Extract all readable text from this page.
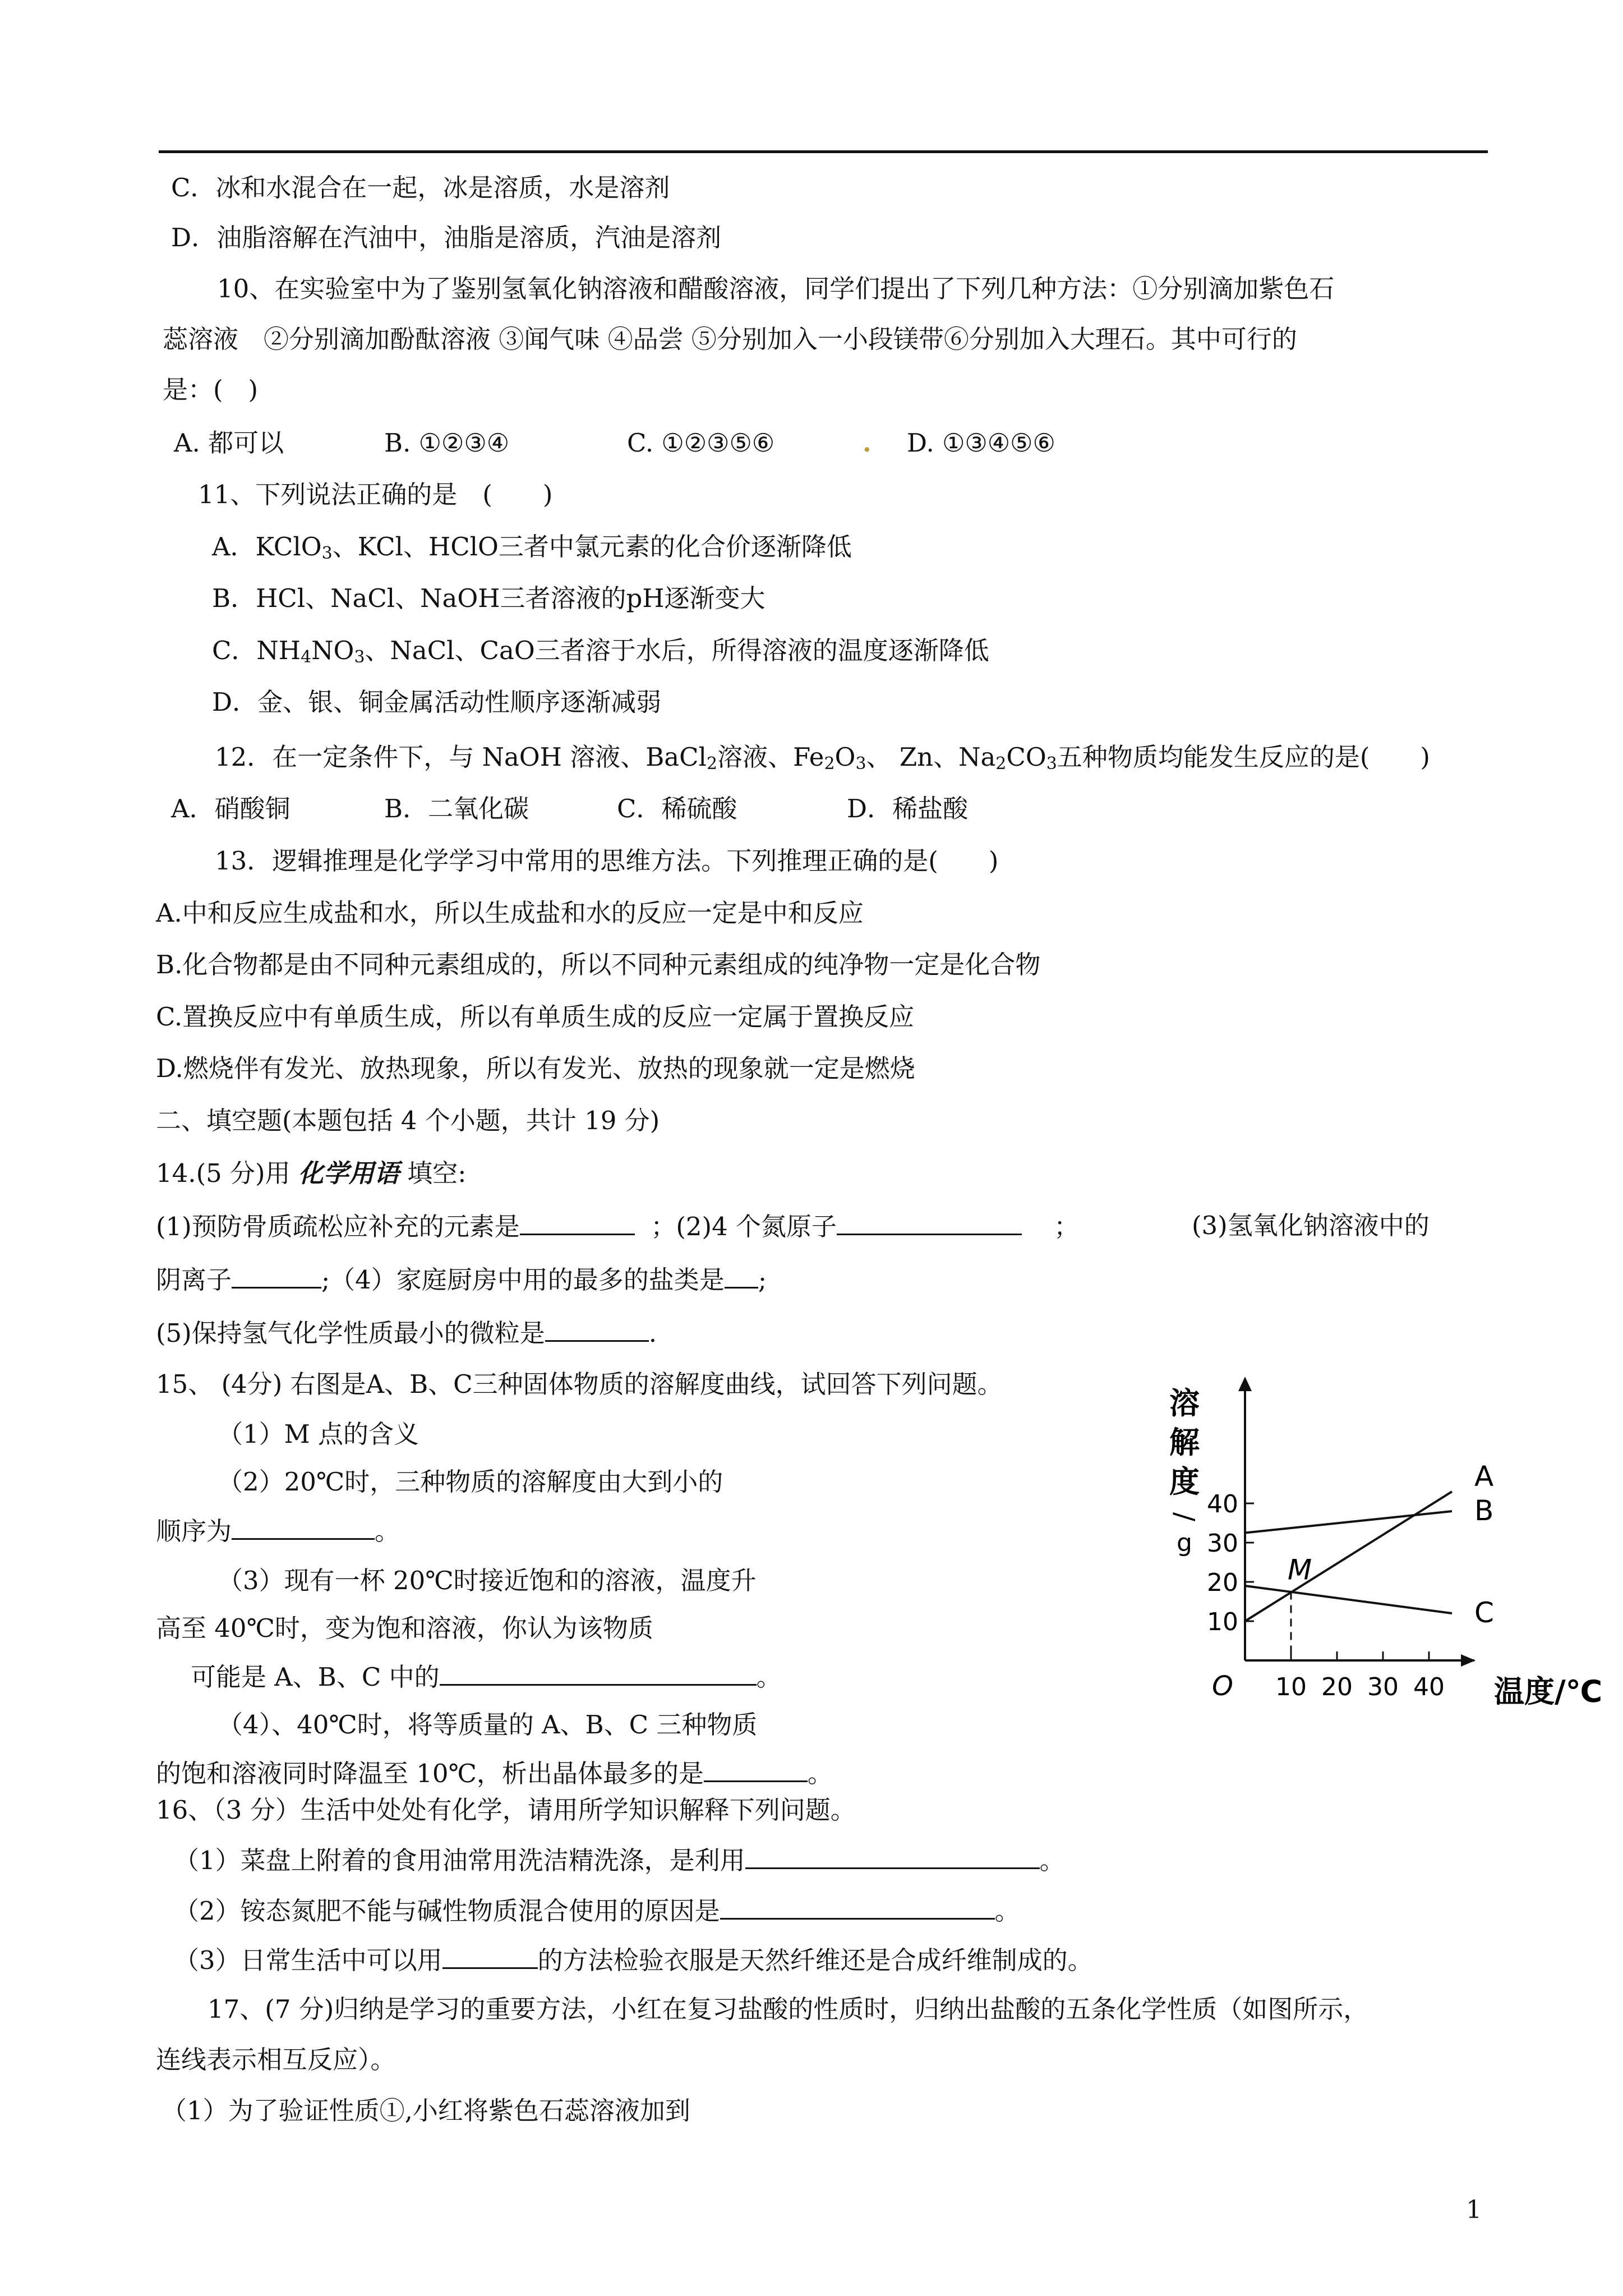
C．冰和水混合在一起，冰是溶质，水是溶剂
D．油脂溶解在汽油中，油脂是溶质，汽油是溶剂
10、在实验室中为了鉴别氢氧化钠溶液和醋酸溶液，同学们提出了下列几种方法：①分别滴加紫色石
蕊溶液　②分别滴加酚酞溶液 ③闻气味 ④品尝 ⑤分别加入一小段镁带⑥分别加入大理石。其中可行的
是：(　)
A. 都可以	B. ①②③④	C. ①②③⑤⑥	. D. ①③④⑤⑥
11、下列说法正确的是　(　　)
A．KClO$_3$、KCl、HClO三者中氯元素的化合价逐渐降低
B．HCl、NaCl、NaOH三者溶液的pH逐渐变大
C．$NH_4NO_3$、NaCl、CaO三者溶于水后，所得溶液的温度逐渐降低
D．金、银、铜金属活动性顺序逐渐减弱
12．在一定条件下，与 NaOH 溶液、BaCl$_2$溶液、$Fe_2O_3$、 Zn、$Na_2CO_3$五种物质均能发生反应的是(　　)
A．硝酸铜	B．二氧化碳	C．稀硫酸	D．稀盐酸
13．逻辑推理是化学学习中常用的思维方法。下列推理正确的是(　　)
A.中和反应生成盐和水，所以生成盐和水的反应一定是中和反应
B.化合物都是由不同种元素组成的，所以不同种元素组成的纯净物一定是化合物
C.置换反应中有单质生成，所以有单质生成的反应一定属于置换反应
D.燃烧伴有发光、放热现象，所以有发光、放热的现象就一定是燃烧
二、填空题(本题包括 4 个小题，共计 19 分)
14.(5 分)用 化学用语 填空:
(1)预防骨质疏松应补充的元素是	；(2)4 个氮原子	；	(3)氢氧化钠溶液中的
阴离子	;（4）家庭厨房中用的最多的盐类是 ;
(5)保持氢气化学性质最小的微粒是	.
15、 (4分) 右图是A、B、C三种固体物质的溶解度曲线，试回答下列问题。
（1）M 点的含义
（2）20℃时，三种物质的溶解度由大到小的
顺序为	。
（3）现有一杯 20℃时接近饱和的溶液，温度升
高至 40℃时，变为饱和溶液，你认为该物质
可能是 A、B、C 中的	。
（4）、40℃时，将等质量的 A、B、C 三种物质
的饱和溶液同时降温至 10℃，析出晶体最多的是	。
10
20
30
40
10 20 30 40
O
溶
解
度
/
g
温度/℃
A
B
C
M
16、（3 分）生活中处处有化学，请用所学知识解释下列问题。
（1）菜盘上附着的食用油常用洗洁精洗涤，是利用	。
（2）铵态氮肥不能与碱性物质混合使用的原因是	。
（3）日常生活中可以用	的方法检验衣服是天然纤维还是合成纤维制成的。
17、(7 分)归纳是学习的重要方法，小红在复习盐酸的性质时，归纳出盐酸的五条化学性质（如图所示，
连线表示相互反应）。
（1）为了验证性质①,小红将紫色石蕊溶液加到
1
